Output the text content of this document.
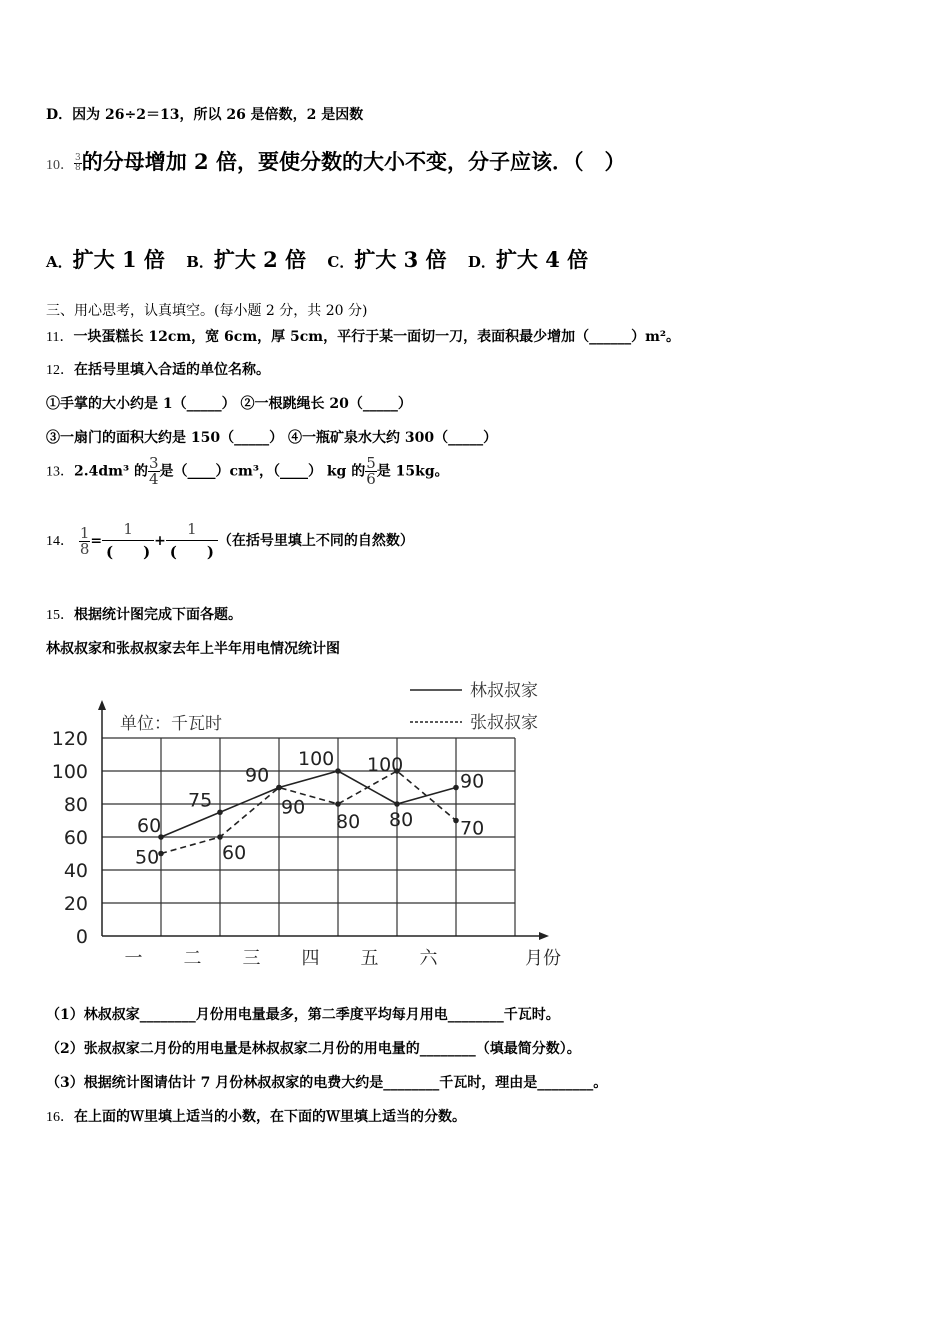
D．因为 26÷2＝13，所以 26 是倍数，2 是因数
10． $\frac{3}{8}$ 的分母增加 2 倍，要使分数的大小不变，分子应该．（　）
A．扩大 1 倍 B．扩大 2 倍 C．扩大 3 倍 D．扩大 4 倍
三、用心思考，认真填空。(每小题 2 分，共 20 分)
11．一块蛋糕长 12cm，宽 6cm，厚 5cm，平行于某一面切一刀，表面积最少增加（______）m²。
12．在括号里填入合适的单位名称。
①手掌的大小约是 1（_____） ②一根跳绳长 20（_____）
③一扇门的面积大约是 150（_____） ④一瓶矿泉水大约 300（_____）
13．2.4dm³ 的 $\frac{3}{4}$ 是（____）cm³，（____） kg 的 $\frac{5}{6}$ 是 15kg。
14． $\frac{1}{8} = \frac{1}{( )} + \frac{1}{( )}$ （在括号里填上不同的自然数）
15．根据统计图完成下面各题。
林叔叔家和张叔叔家去年上半年用电情况统计图
0
20
40
60
80
100
120
单位：千瓦时
一 二 三 四 五 六	月份
林叔叔家
张叔叔家
60
75
90
100
80
90
50	60
90
80
100
70
（1）林叔叔家________月份用电量最多，第二季度平均每月用电________千瓦时。
（2）张叔叔家二月份的用电量是林叔叔家二月份的用电量的________（填最简分数）。
（3）根据统计图请估计 7 月份林叔叔家的电费大约是________千瓦时，理由是________。
16．在上面的Ｗ里填上适当的小数，在下面的Ｗ里填上适当的分数。
